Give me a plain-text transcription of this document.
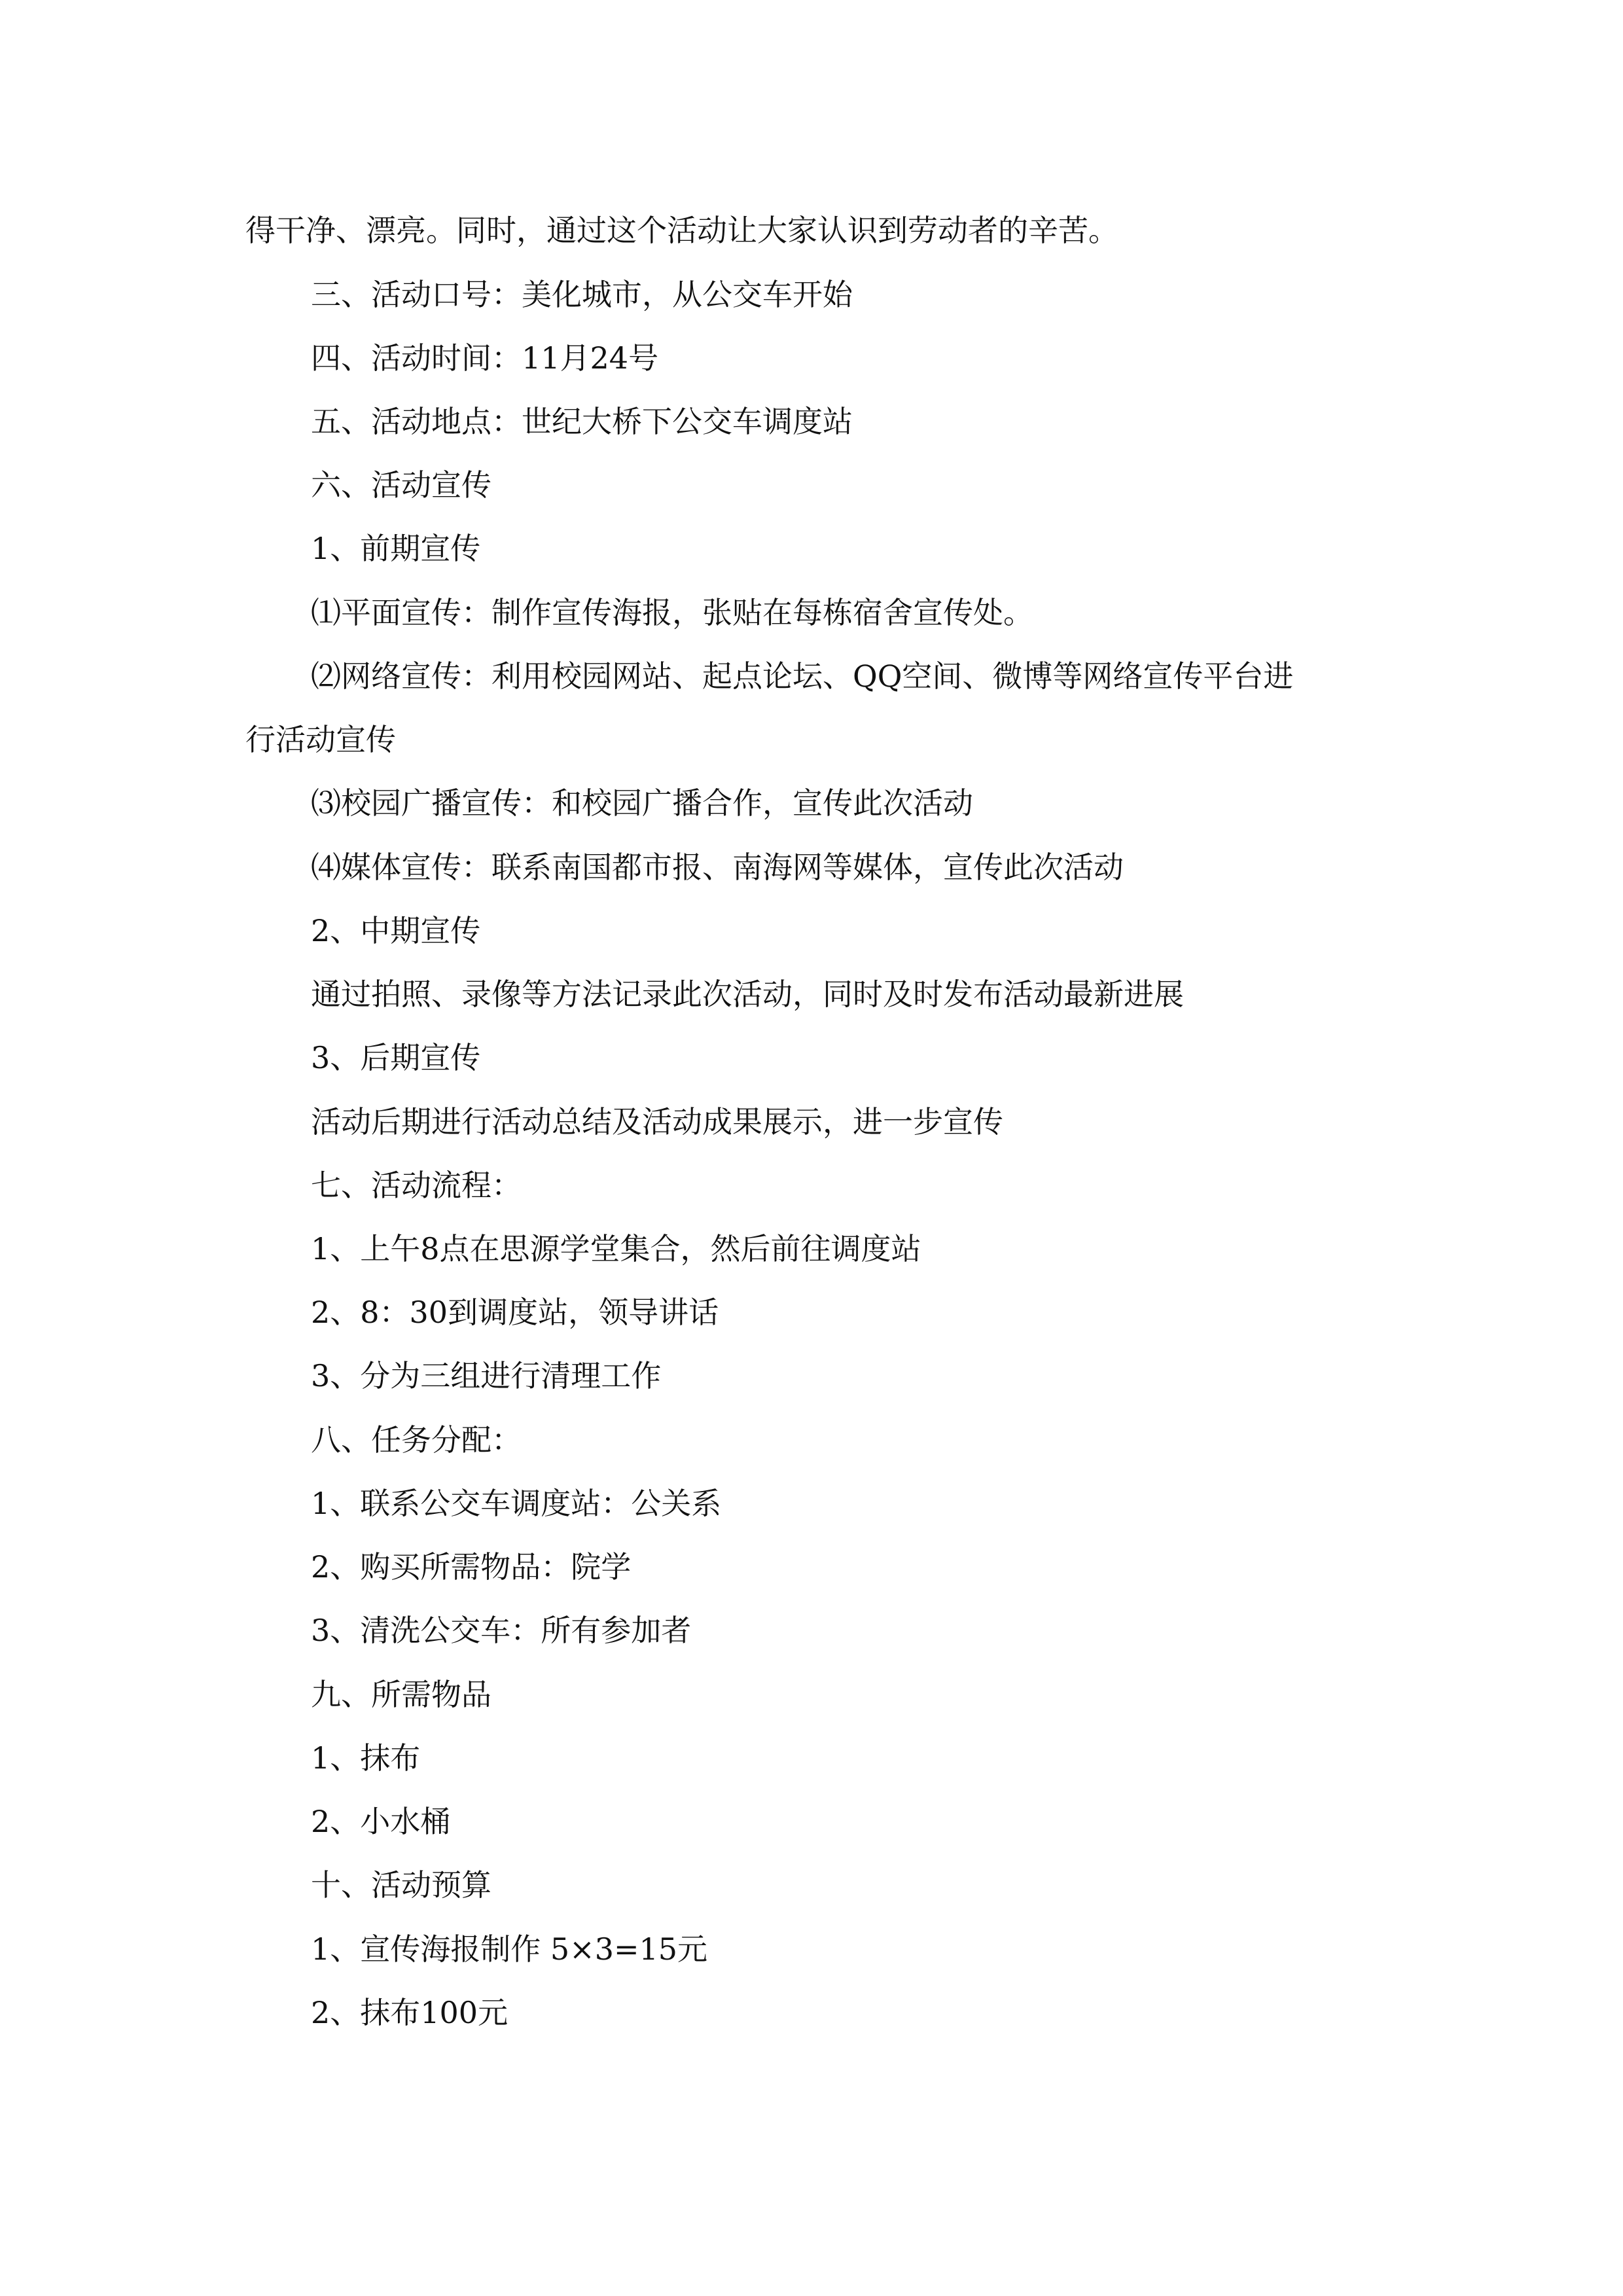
得干净、漂亮。同时，通过这个活动让大家认识到劳动者的辛苦。
三、活动口号：美化城市，从公交车开始
四、活动时间：11月24号
五、活动地点：世纪大桥下公交车调度站
六、活动宣传
1、前期宣传
⑴平面宣传：制作宣传海报，张贴在每栋宿舍宣传处。
⑵网络宣传：利用校园网站、起点论坛、QQ空间、微博等网络宣传平台进
行活动宣传
⑶校园广播宣传：和校园广播合作，宣传此次活动
⑷媒体宣传：联系南国都市报、南海网等媒体，宣传此次活动
2、中期宣传
通过拍照、录像等方法记录此次活动，同时及时发布活动最新进展
3、后期宣传
活动后期进行活动总结及活动成果展示，进一步宣传
七、活动流程：
1、上午8点在思源学堂集合，然后前往调度站
2、8：30到调度站，领导讲话
3、分为三组进行清理工作
八、任务分配：
1、联系公交车调度站：公关系
2、购买所需物品：院学
3、清洗公交车：所有参加者
九、所需物品
1、抹布
2、小水桶
十、活动预算
1、宣传海报制作 5×3=15元
2、抹布100元
